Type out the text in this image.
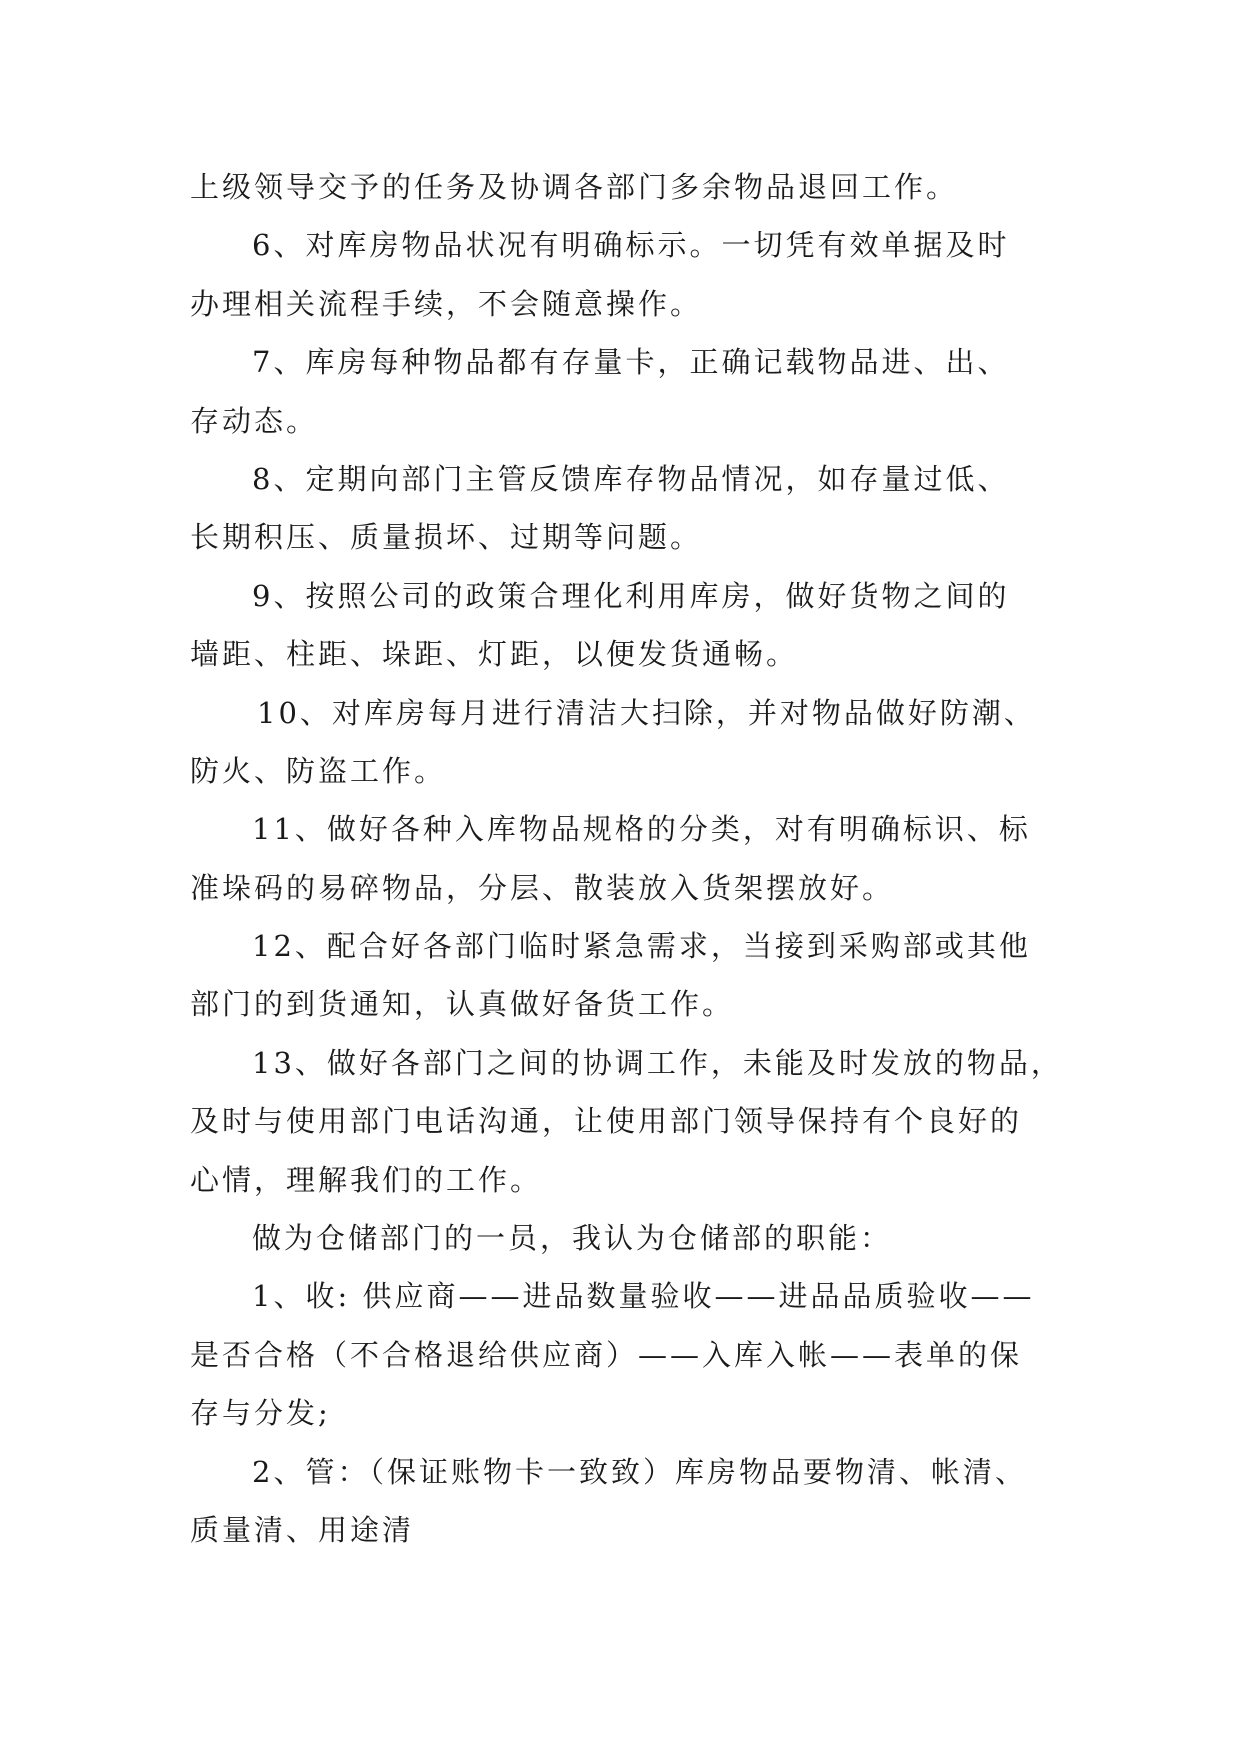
上级领导交予的任务及协调各部门多余物品退回工作。
6、对库房物品状况有明确标示。一切凭有效单据及时
办理相关流程手续，不会随意操作。
7、库房每种物品都有存量卡，正确记载物品进、出、
存动态。
8、定期向部门主管反馈库存物品情况，如存量过低、
长期积压、质量损坏、过期等问题。
9、按照公司的政策合理化利用库房，做好货物之间的
墙距、柱距、垛距、灯距，以便发货通畅。
10、对库房每月进行清洁大扫除，并对物品做好防潮、
防火、防盗工作。
11、做好各种入库物品规格的分类，对有明确标识、标
准垛码的易碎物品，分层、散装放入货架摆放好。
12、配合好各部门临时紧急需求，当接到采购部或其他
部门的到货通知，认真做好备货工作。
13、做好各部门之间的协调工作，未能及时发放的物品，
及时与使用部门电话沟通，让使用部门领导保持有个良好的
心情，理解我们的工作。
做为仓储部门的一员，我认为仓储部的职能：
1、收: 供应商——进品数量验收——进品品质验收——
是否合格（不合格退给供应商）——入库入帐——表单的保
存与分发;
2、管：（保证账物卡一致致）库房物品要物清、帐清、
质量清、用途清
